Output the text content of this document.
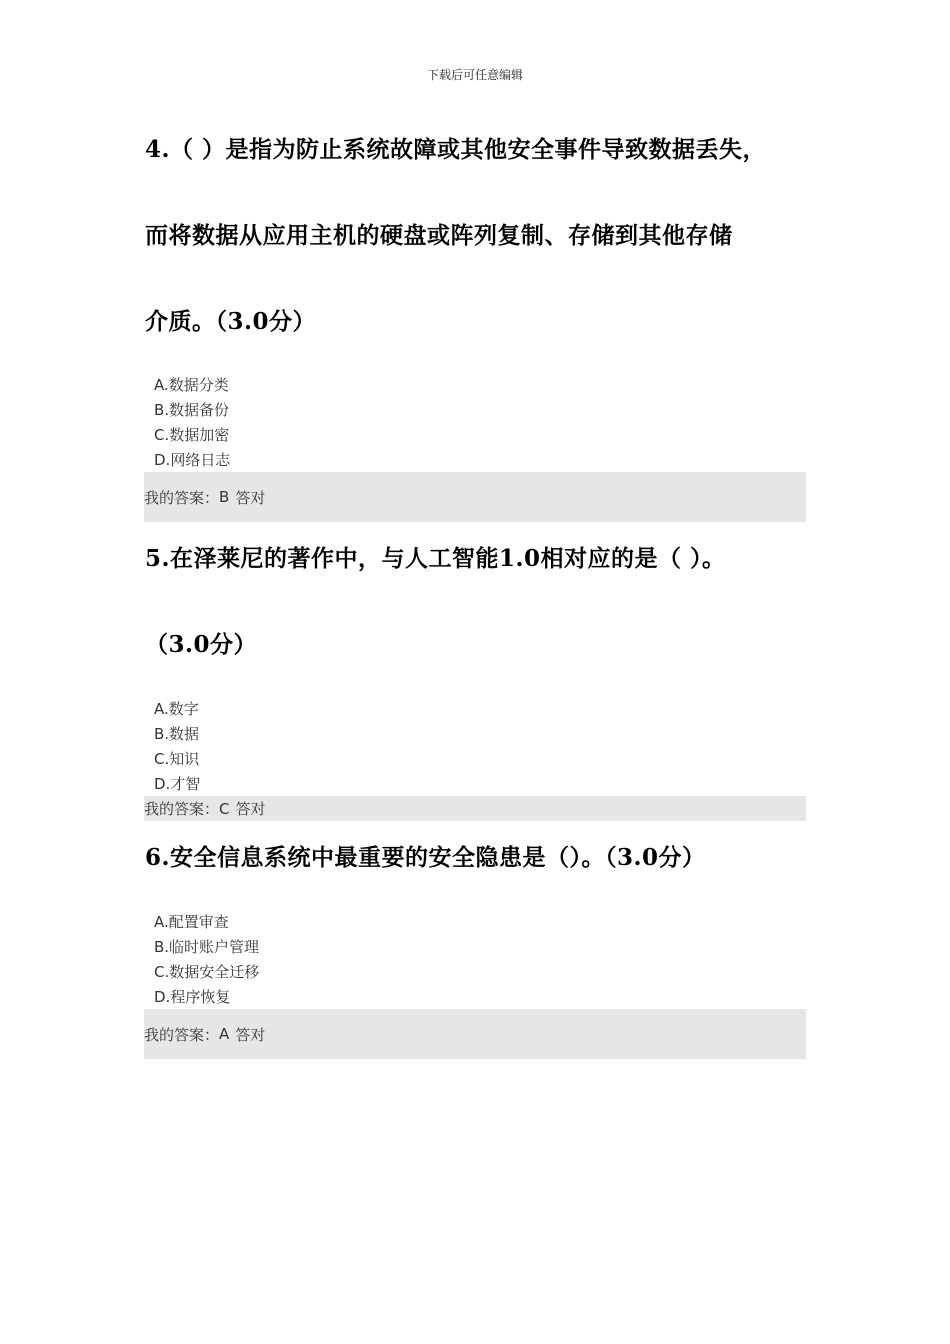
下载后可任意编辑
4.（ ）是指为防止系统故障或其他安全事件导致数据丢失，
而将数据从应用主机的硬盘或阵列复制、存储到其他存储
介质。（3.0分）
A.数据分类
B.数据备份
C.数据加密
D.网络日志
我的答案： B 答对
5.在泽莱尼的著作中，与人工智能1.0相对应的是（ ）。
（3.0分）
A.数字
B.数据
C.知识
D.才智
我的答案： C 答对
6.安全信息系统中最重要的安全隐患是（）。（3.0分）
A.配置审查
B.临时账户管理
C.数据安全迁移
D.程序恢复
我的答案： A 答对
